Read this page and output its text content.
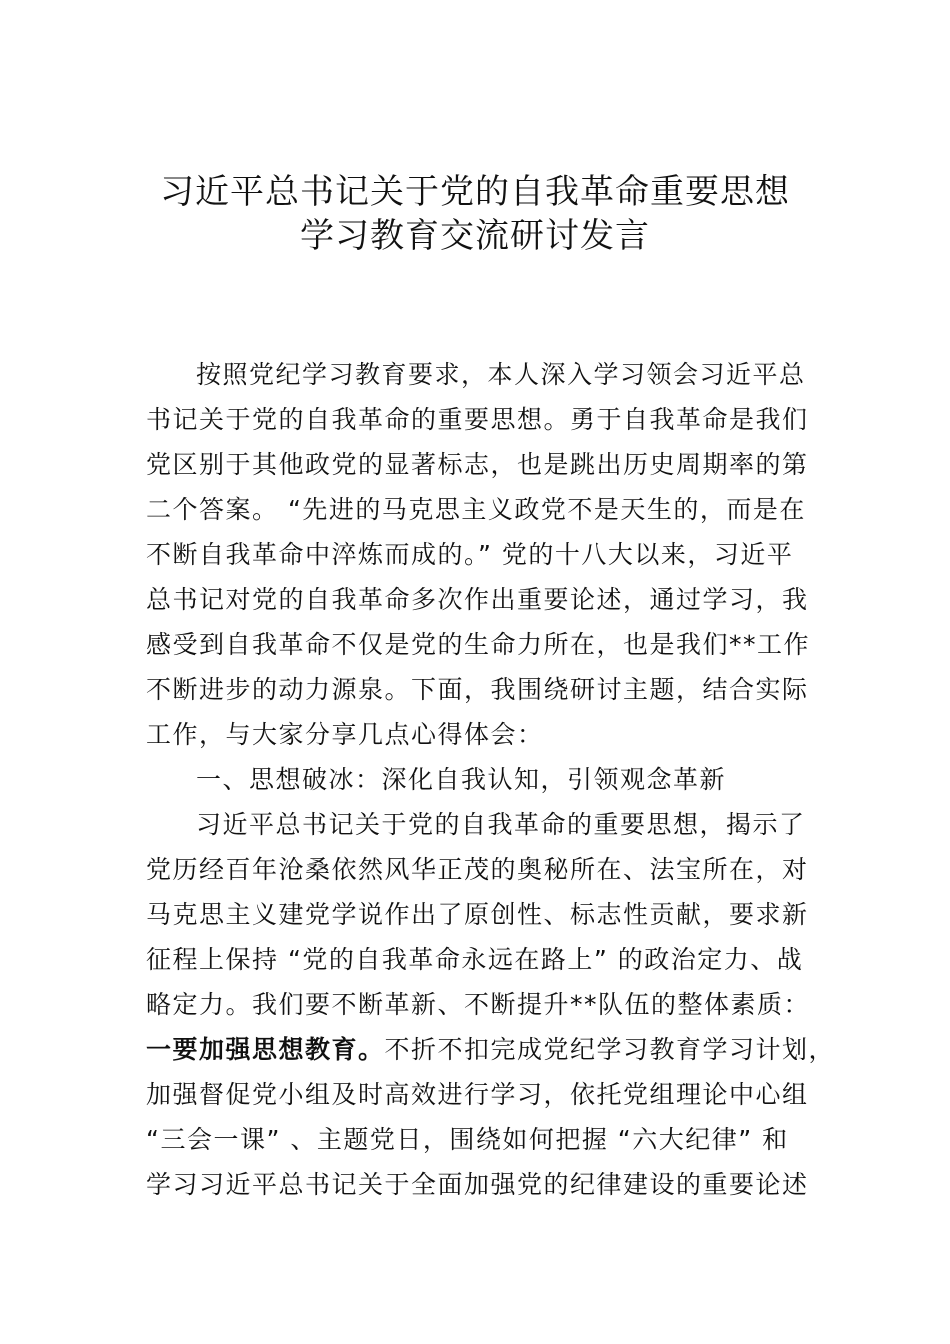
习近平总书记关于党的自我革命重要思想
学习教育交流研讨发言
按照党纪学习教育要求，本人深入学习领会习近平总
书记关于党的自我革命的重要思想。勇于自我革命是我们
党区别于其他政党的显著标志，也是跳出历史周期率的第
二个答案。 “先进的马克思主义政党不是天生的，而是在
不断自我革命中淬炼而成的。” 党的十八大以来，习近平
总书记对党的自我革命多次作出重要论述，通过学习，我
感受到自我革命不仅是党的生命力所在，也是我们**工作
不断进步的动力源泉。下面，我围绕研讨主题，结合实际
工作，与大家分享几点心得体会：
一、思想破冰：深化自我认知，引领观念革新
习近平总书记关于党的自我革命的重要思想，揭示了
党历经百年沧桑依然风华正茂的奥秘所在、法宝所在，对
马克思主义建党学说作出了原创性、标志性贡献，要求新
征程上保持 “党的自我革命永远在路上” 的政治定力、战
略定力。我们要不断革新、不断提升**队伍的整体素质：
一要加强思想教育。不折不扣完成党纪学习教育学习计划，
加强督促党小组及时高效进行学习，依托党组理论中心组
“三会一课” 、主题党日，围绕如何把握 “六大纪律” 和
学习习近平总书记关于全面加强党的纪律建设的重要论述
